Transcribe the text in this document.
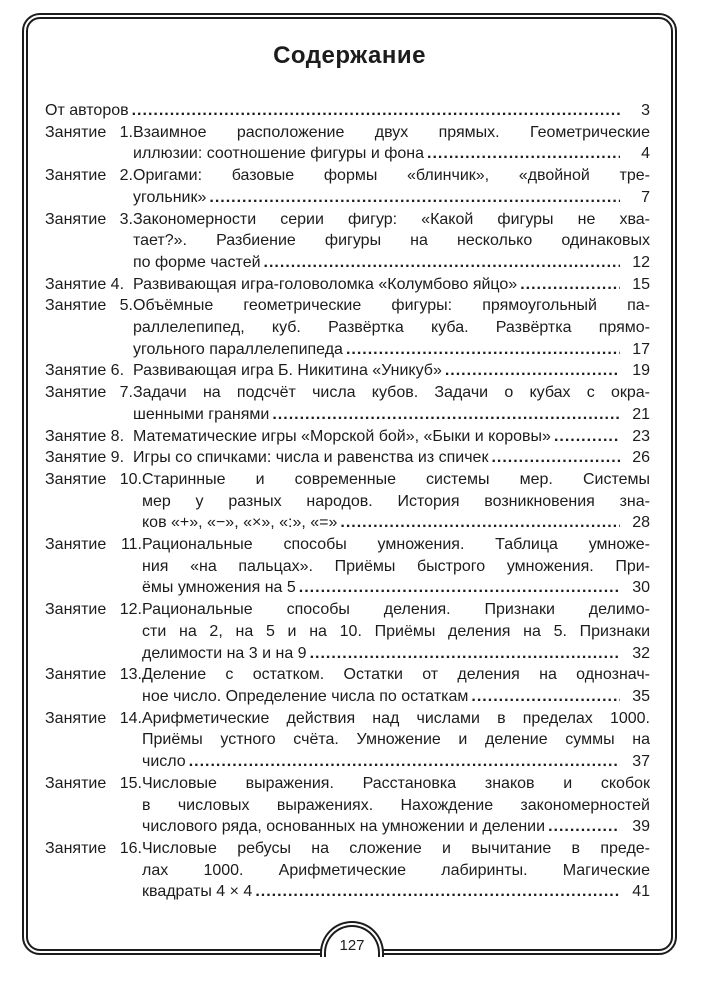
Содержание
От авторов .....	3
Занятие 1.Взаимное расположение двух прямых. Геометрические
иллюзии: соотношение фигуры и фона .....	4
Занятие 2.Оригами: базовые формы «блинчик», «двойной тре-
угольник» .....	7
Занятие 3.Закономерности серии фигур: «Какой фигуры не хва-
тает?». Разбиение фигуры на несколько одинаковых
по форме частей .....	12
Занятие 4. Развивающая игра-головоломка «Колумбово яйцо» .....	15
Занятие 5.Объёмные геометрические фигуры: прямоугольный па-
раллелепипед, куб. Развёртка куба. Развёртка прямо-
угольного параллелепипеда .....	17
Занятие 6. Развивающая игра Б. Никитина «Уникуб» .....	19
Занятие 7.Задачи на подсчёт числа кубов. Задачи о кубах с окра-
шенными гранями .....	21
Занятие 8. Математические игры «Морской бой», «Быки и коровы» .....	23
Занятие 9. Игры со спичками: числа и равенства из спичек .....	26
Занятие 10.Старинные и современные системы мер. Системы
мер у разных народов. История возникновения зна-
ков «+», «−», «×», «:», «=» .....	28
Занятие 11.Рациональные способы умножения. Таблица умноже-
ния «на пальцах». Приёмы быстрого умножения. При-
ёмы умножения на 5 .....	30
Занятие 12.Рациональные способы деления. Признаки делимо-
сти на 2, на 5 и на 10. Приёмы деления на 5. Признаки
делимости на 3 и на 9 .....	32
Занятие 13.Деление с остатком. Остатки от деления на однознач-
ное число. Определение числа по остаткам .....	35
Занятие 14.Арифметические действия над числами в пределах 1000.
Приёмы устного счёта. Умножение и деление суммы на
число .....	37
Занятие 15.Числовые выражения. Расстановка знаков и скобок
в числовых выражениях. Нахождение закономерностей
числового ряда, основанных на умножении и делении .....	39
Занятие 16.Числовые ребусы на сложение и вычитание в преде-
лах 1000. Арифметические лабиринты. Магические
квадраты 4 × 4 .....	41
127
